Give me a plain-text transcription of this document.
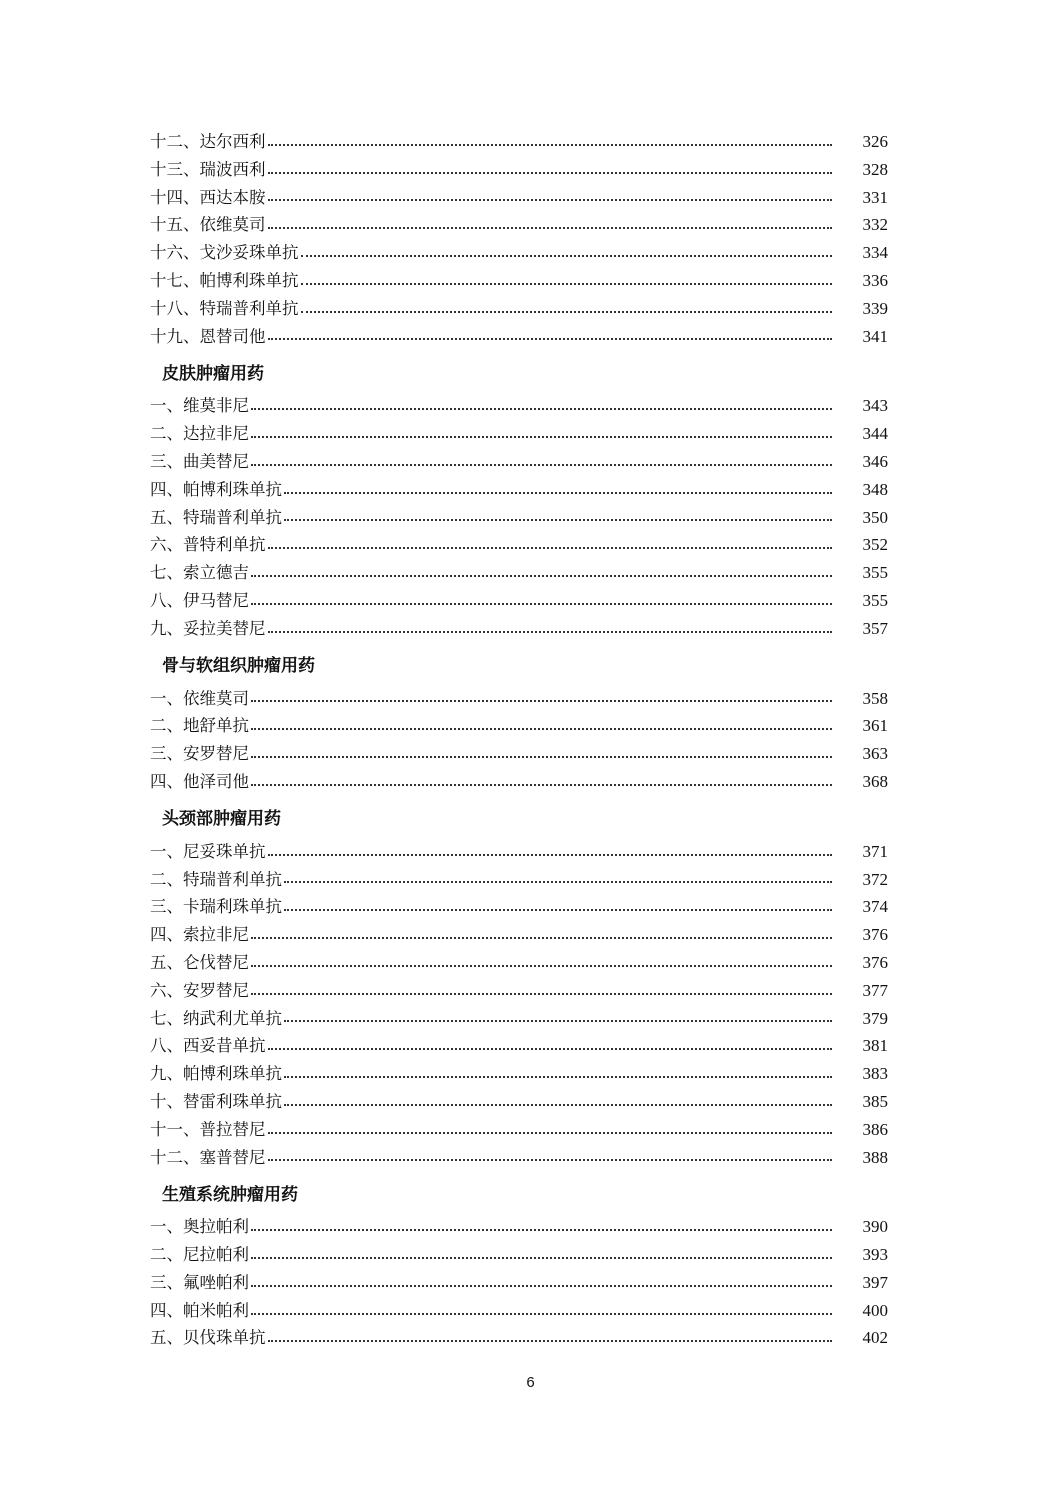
十二、达尔西利	326
十三、瑞波西利	328
十四、西达本胺	331
十五、依维莫司	332
十六、戈沙妥珠单抗	334
十七、帕博利珠单抗	336
十八、特瑞普利单抗	339
十九、恩替司他	341
皮肤肿瘤用药
一、维莫非尼	343
二、达拉非尼	344
三、曲美替尼	346
四、帕博利珠单抗	348
五、特瑞普利单抗	350
六、普特利单抗	352
七、索立德吉	355
八、伊马替尼	355
九、妥拉美替尼	357
骨与软组织肿瘤用药
一、依维莫司	358
二、地舒单抗	361
三、安罗替尼	363
四、他泽司他	368
头颈部肿瘤用药
一、尼妥珠单抗	371
二、特瑞普利单抗	372
三、卡瑞利珠单抗	374
四、索拉非尼	376
五、仑伐替尼	376
六、安罗替尼	377
七、纳武利尤单抗	379
八、西妥昔单抗	381
九、帕博利珠单抗	383
十、替雷利珠单抗	385
十一、普拉替尼	386
十二、塞普替尼	388
生殖系统肿瘤用药
一、奥拉帕利	390
二、尼拉帕利	393
三、氟唑帕利	397
四、帕米帕利	400
五、贝伐珠单抗	402
6
